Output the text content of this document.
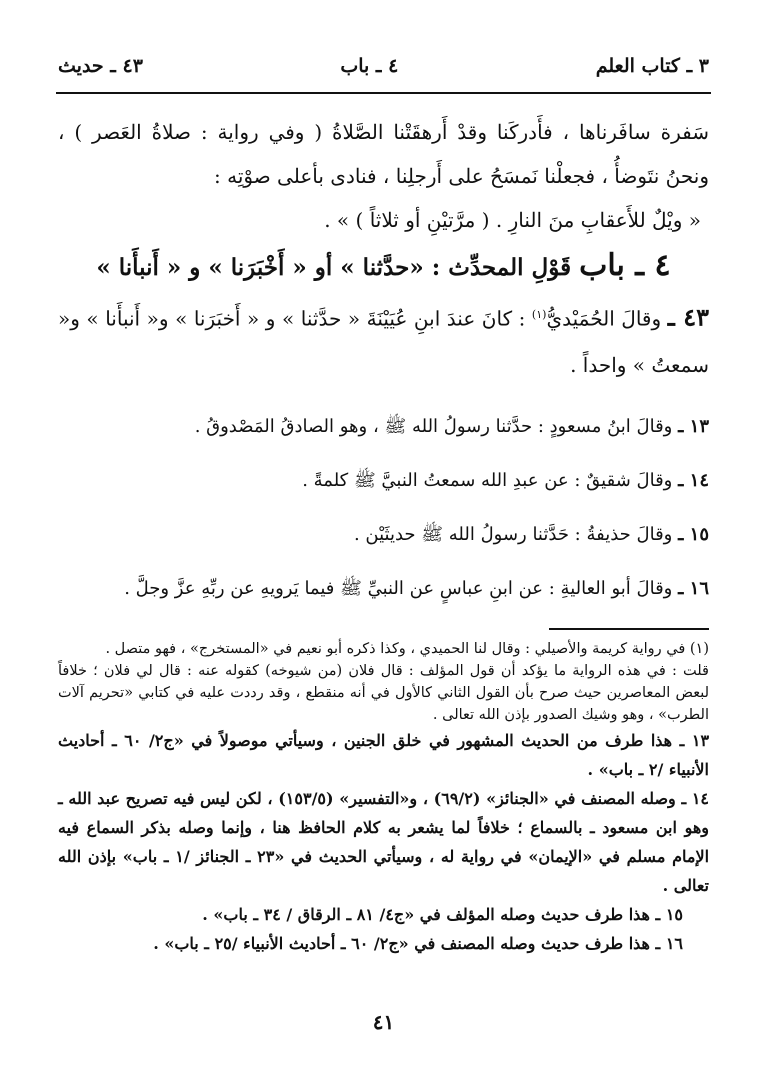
٣ ـ كتاب العلم
٤ ـ باب
٤٣ ـ حديث

سَفرة سافَرناها ، فأَدركَنا وقدْ أَرهقَتْنا الصَّلاةُ ( وفي رواية : صلاةُ العَصر ) ، ونحنُ نتَوضأُ ، فجعلْنا نَمسَحُ على أَرجلِنا ، فنادى بأعلى صوْتِه :

« ويْلٌ للأَعقابِ منَ النارِ . ( مرَّتيْنِ أو ثلاثاً ) » .

٤ ـ باب قَوْلِ المحدِّث : «حدَّثنا » أو « أَخْبَرَنا » و « أَنبأَنا »

٤٣ ـ وقالَ الحُمَيْديُّ$^{(١)}$ : كانَ عندَ ابنِ عُيَيْنَةَ « حدَّثنا » و « أَخبَرَنا » و« أَنبأَنا » و« سمعتُ » واحداً .

١٣ ـ وقالَ ابنُ مسعودٍ : حدَّثنا رسولُ الله ﷺ ، وهو الصادقُ المَصْدوقُ .

١٤ ـ وقالَ شقيقٌ : عن عبدِ الله سمعتُ النبيَّ ﷺ كلمةً .

١٥ ـ وقالَ حذيفةُ : حَدَّثنا رسولُ الله ﷺ حديثَيْن .

١٦ ـ وقالَ أبو العاليةِ : عن ابنِ عباسٍ عن النبيِّ ﷺ فيما يَرويهِ عن ربِّهِ عزَّ وجلَّ .

(١) في رواية كريمة والأصيلي : وقال لنا الحميدي ، وكذا ذكره أبو نعيم في «المستخرج» ، فهو متصل .

قلت : في هذه الرواية ما يؤكد أن قول المؤلف : قال فلان (من شيوخه) كقوله عنه : قال لي فلان ؛ خلافاً لبعض المعاصرين حيث صرح بأن القول الثاني كالأول في أنه منقطع ، وقد رددت عليه في كتابي «تحريم آلات الطرب» ، وهو وشيك الصدور بإذن الله تعالى .

١٣ ـ هذا طرف من الحديث المشهور في خلق الجنين ، وسيأتي موصولاً في «ج٢/ ٦٠ ـ أحاديث الأنبياء /٢ ـ باب» .

١٤ ـ وصله المصنف في «الجنائز» (٦٩/٢) ، و«التفسير» (١٥٣/٥) ، لكن ليس فيه تصريح عبد الله ـ وهو ابن مسعود ـ بالسماع ؛ خلافاً لما يشعر به كلام الحافظ هنا ، وإنما وصله بذكر السماع فيه الإمام مسلم في «الإيمان» في رواية له ، وسيأتي الحديث في «٢٣ ـ الجنائز /١ ـ باب» بإذن الله تعالى .

١٥ ـ هذا طرف حديث وصله المؤلف في «ج٤/ ٨١ ـ الرقاق / ٣٤ ـ باب» .

١٦ ـ هذا طرف حديث وصله المصنف في «ج٢/ ٦٠ ـ أحاديث الأنبياء /٢٥ ـ باب» .

٤١
